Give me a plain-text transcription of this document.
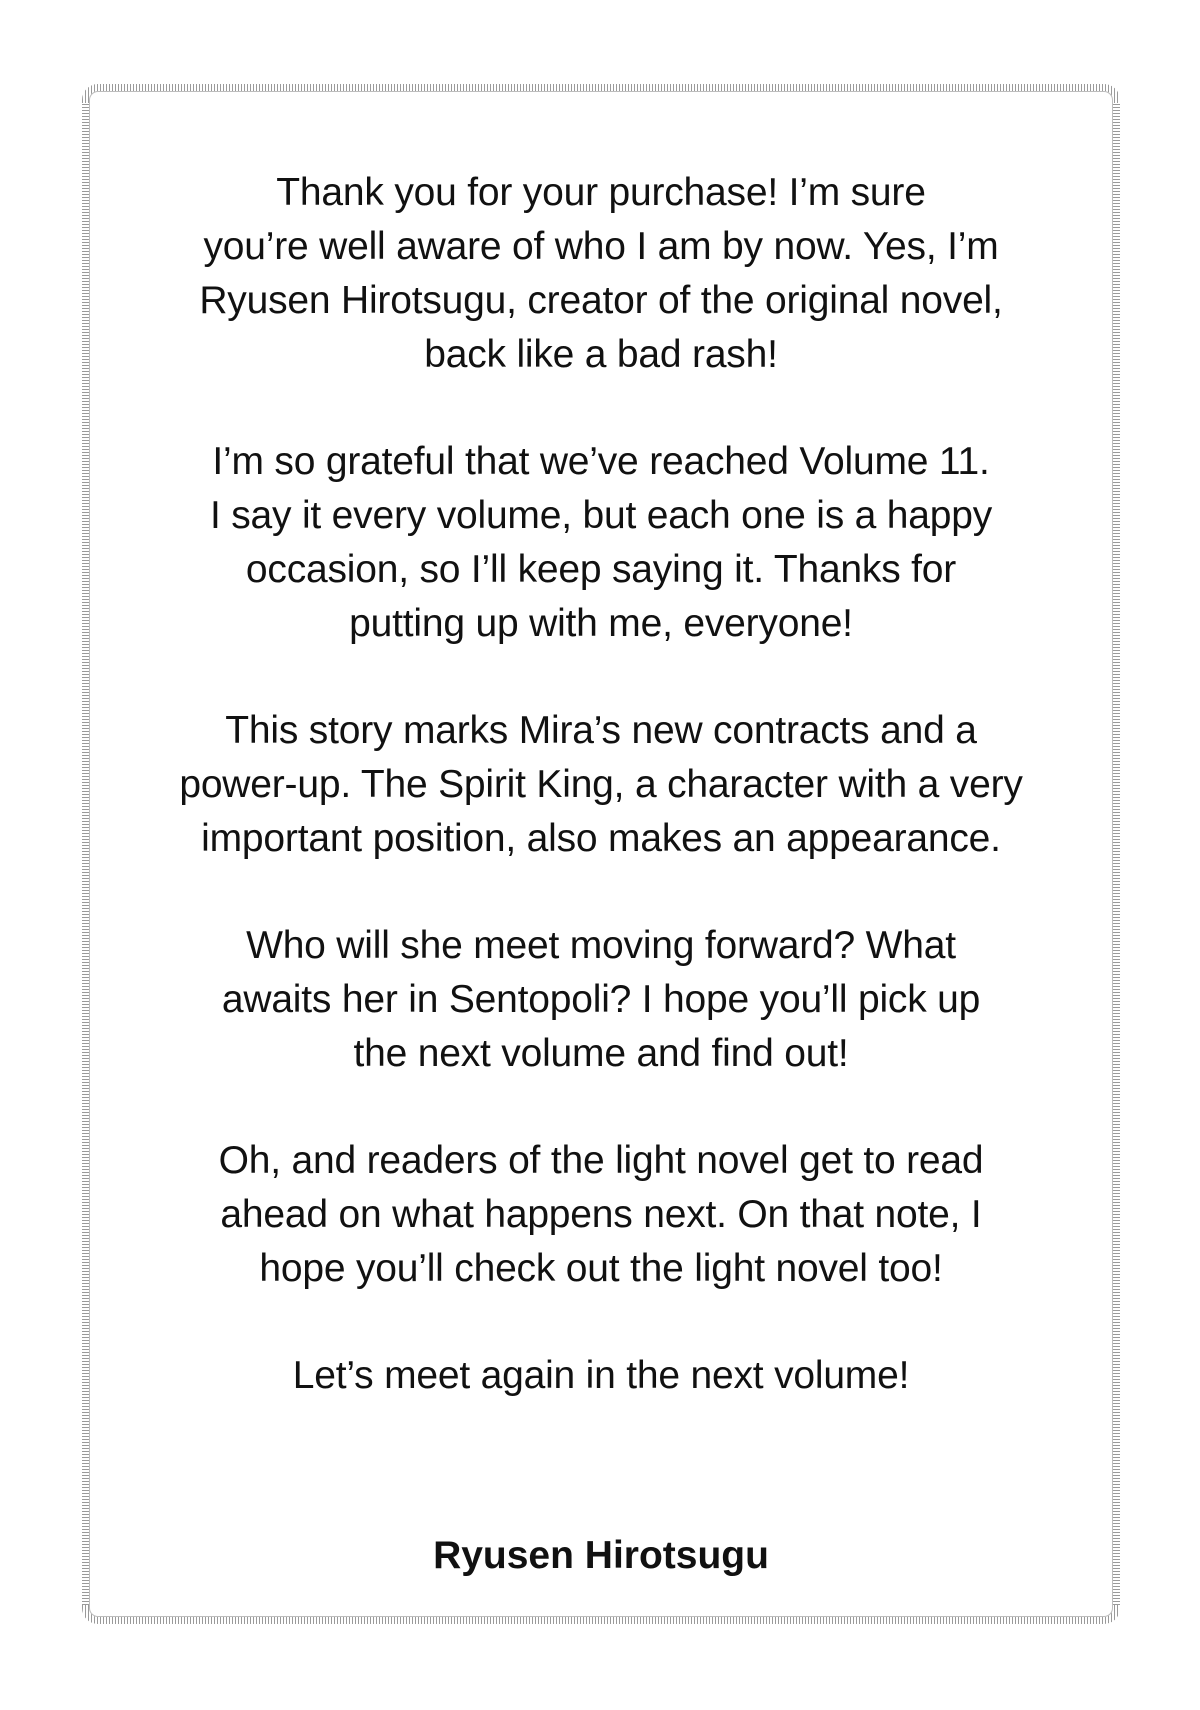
Thank you for your purchase! I’m sure
you’re well aware of who I am by now. Yes, I’m
Ryusen Hirotsugu, creator of the original novel,
back like a bad rash!

I’m so grateful that we’ve reached Volume 11.
I say it every volume, but each one is a happy
occasion, so I’ll keep saying it. Thanks for
putting up with me, everyone!

This story marks Mira’s new contracts and a
power-up. The Spirit King, a character with a very
important position, also makes an appearance.

Who will she meet moving forward? What
awaits her in Sentopoli? I hope you’ll pick up
the next volume and find out!

Oh, and readers of the light novel get to read
ahead on what happens next. On that note, I
hope you’ll check out the light novel too!

Let’s meet again in the next volume!

Ryusen Hirotsugu
